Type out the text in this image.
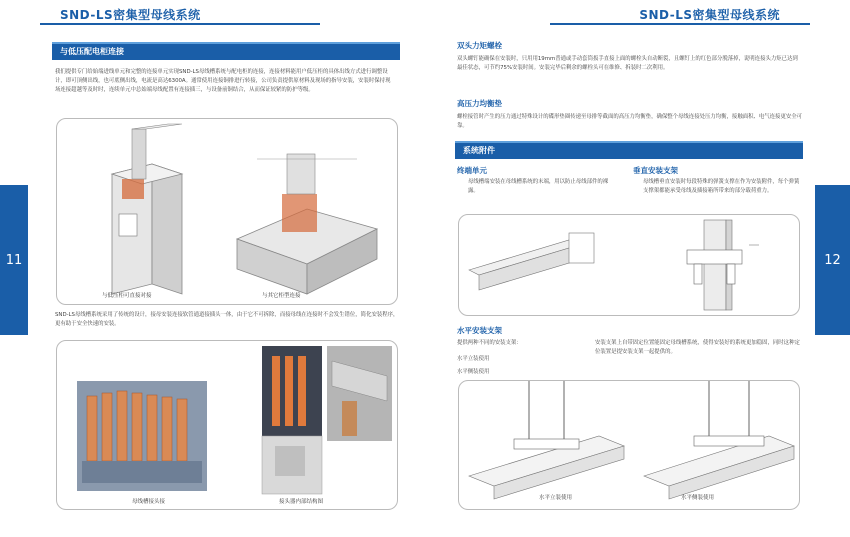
SND-LS密集型母线系统	SND-LS密集型母线系统
11	12
与低压配电柜连接
我们提供专门给始端进线单元和完整的连接单元实现SND-LS母线槽系统与配电柜的连接，连接材料能用户低压柜的具体出线方式进行调整设计，即可顶侧出线，也可底侧出线，电流是高达6300A。通常使用连接铜排进行转接，公司负责提供原材料及现场的指导安装，安装时保持现场连接超越等及时时，连续单元中总始端母线配置有连接插三，与设备前铜结合，从而保证较紧的防护等级。
与低压柜可直接对接	与其它柜型连接
SND-LS母线槽系统采用了传统的设计，接母安装连接软管通道接插头一体，由于它不可拆除，而接母线在连接时不会发生错位，简化安装程序，更有助于安全快速的安装。
母线槽接头接	接头器内部结构图
双头力矩螺栓
双头螺钉能确保在安装时，只用用19mm普通或手动套筒扳手直接上面的螺栓头自动断裂，且螺钉上的红色部分脱落掉，说明连接头力矩已达到最佳状态，可节约75%安装时间。安装完毕后剩余的螺栓头可在维修、拆装时二次利用。
高压力均衡垫
螺栓接管时产生的压力通过特殊设计的碟形垫圈传递至母排等截面的高压力均衡垫，确保整个母线连接处压力均衡，接触面积、电气连接更安全可靠。
系统附件
终端单元
母线槽端安装在母线槽系统的末端，用以防止母线部件的裸露。
垂直安装支架
母线槽垂直安装时每段特殊的弹簧支撑在作为安装附件，每个弹簧支撑架都能承受母线及插接箱所带来的部分载荷重力。
水平安装支架
提供两种不同的安装支架：
水平立装使用
水平侧装使用
安装支架上自带固定位置能固定母线槽系统，使得安装好的系统更加稳固，同时这种定位装置是提安装支架一起提供的。
水平立装使用	水平侧装使用
